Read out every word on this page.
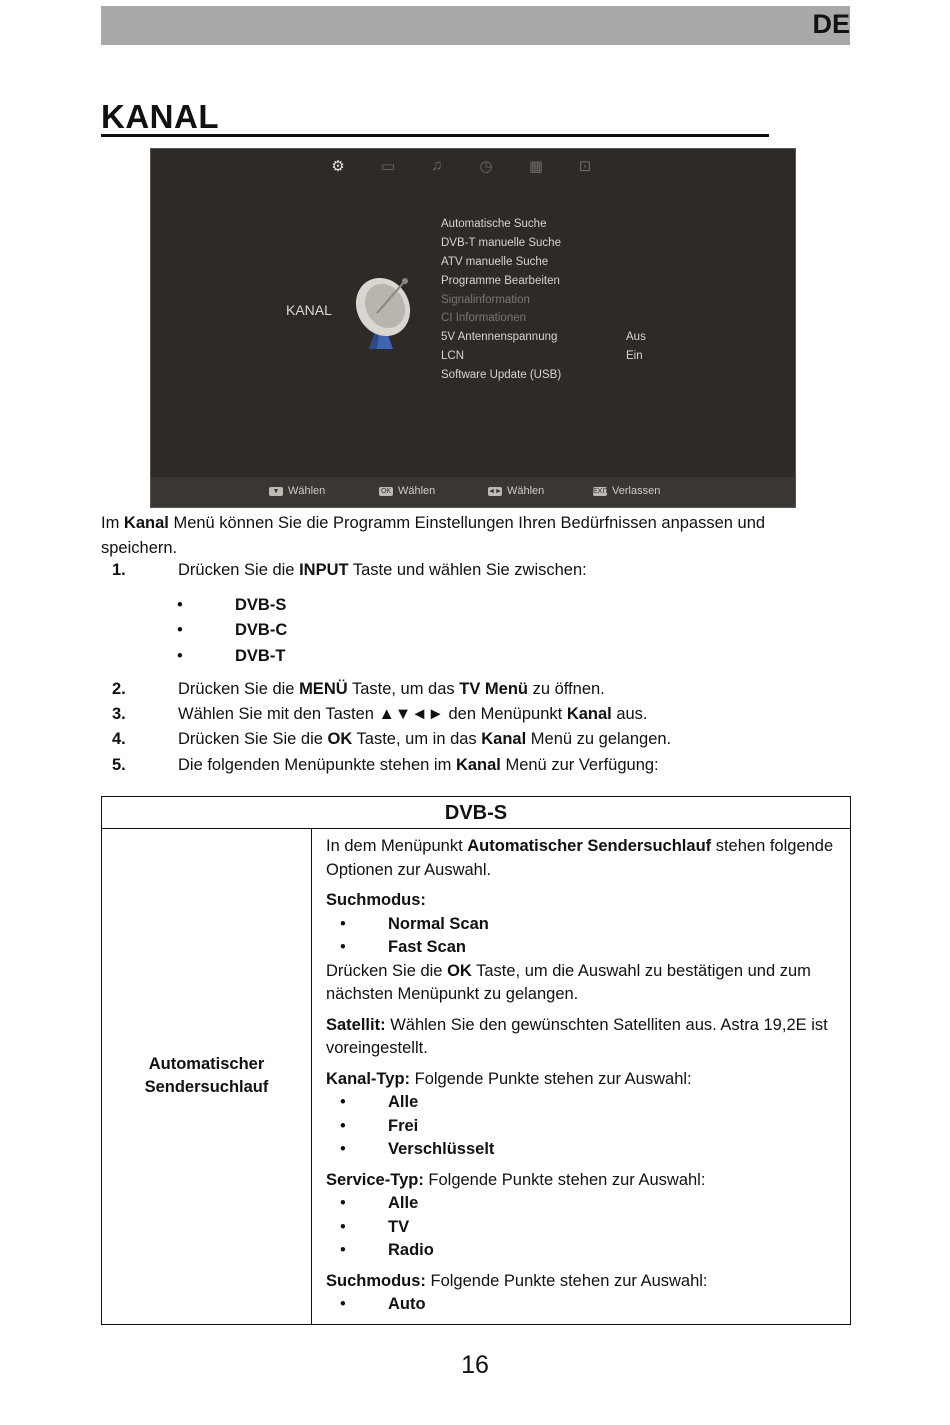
DE
KANAL
⚙ ▭	♫	◷ ▦	⊡
KANAL
Automatische Suche
DVB-T manuelle Suche
ATV manuelle Suche
Programme Bearbeiten
Signalinformation
CI Informationen
5V Antennenspannung	Aus
LCN	Ein
Software Update (USB)
▼ Wählen	OK Wählen	◄► Wählen	EXIT Verlassen
Im Kanal Menü können Sie die Programm Einstellungen Ihren Bedürfnissen anpassen und speichern.
1.	Drücken Sie die INPUT Taste und wählen Sie zwischen:
•	DVB-S
•	DVB-C
•	DVB-T
2.	Drücken Sie die MENÜ Taste, um das TV Menü zu öffnen.
3.	Wählen Sie mit den Tasten ▲▼◄► den Menüpunkt Kanal aus.
4.	Drücken Sie Sie die OK Taste, um in das Kanal Menü zu gelangen.
5.	Die folgenden Menüpunkte stehen im Kanal Menü zur Verfügung:
DVB-S
Automatischer
Sendersuchlauf

In dem Menüpunkt Automatischer Sendersuchlauf stehen folgende Optionen zur Auswahl.

Suchmodus:

• Normal Scan
• Fast Scan

Drücken Sie die OK Taste, um die Auswahl zu bestätigen und zum nächsten Menüpunkt zu gelangen.

Satellit: Wählen Sie den gewünschten Satelliten aus. Astra 19,2E ist voreingestellt.

Kanal-Typ: Folgende Punkte stehen zur Auswahl:

• Alle
• Frei
• Verschlüsselt

Service-Typ: Folgende Punkte stehen zur Auswahl:

• Alle
• TV
• Radio

Suchmodus: Folgende Punkte stehen zur Auswahl:

• Auto
16
